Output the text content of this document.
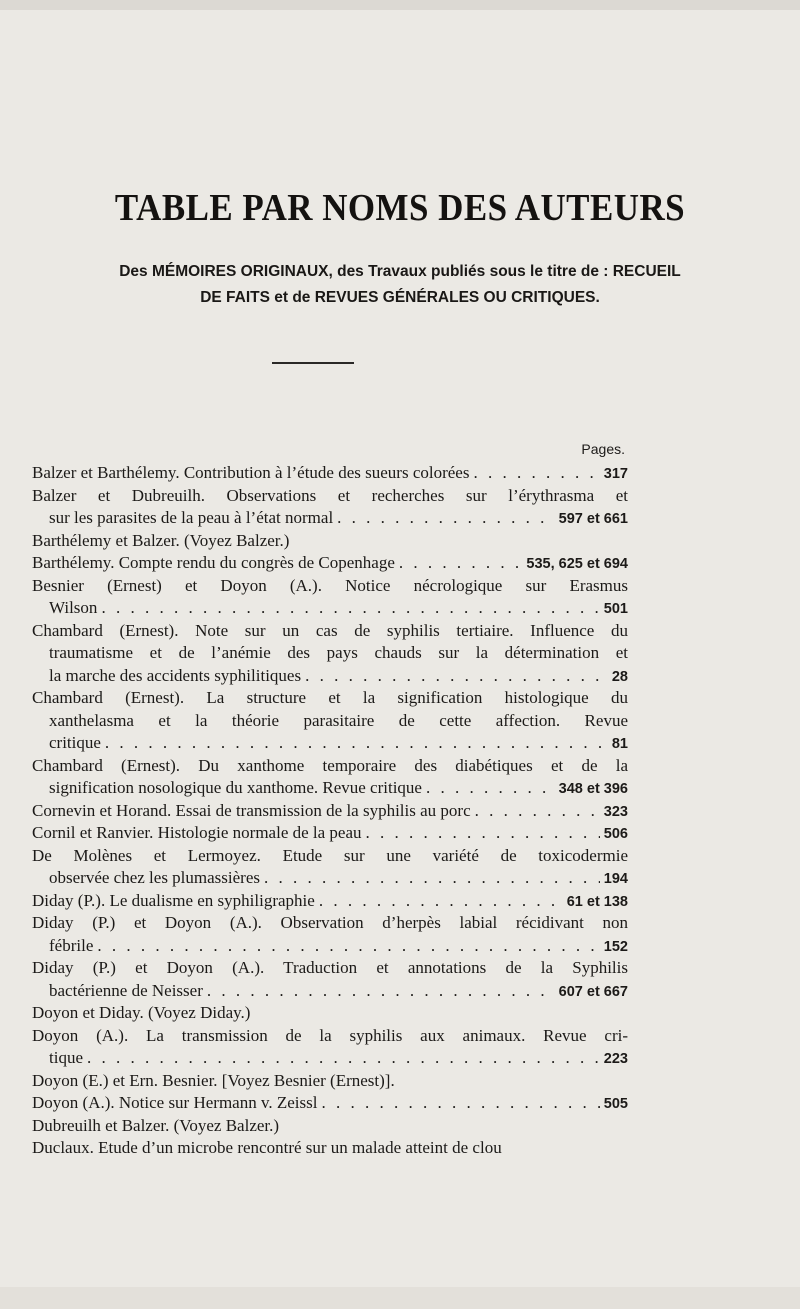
TABLE PAR NOMS DES AUTEURS
Des MÉMOIRES ORIGINAUX, des Travaux publiés sous le titre de : RECUEIL
DE FAITS et de REVUES GÉNÉRALES OU CRITIQUES.
Pages.
Balzer et Barthélemy. Contribution à l’étude des sueurs colorées . . .	317
Balzer et Dubreuilh. Observations et recherches sur l’érythrasma et
sur les parasites de la peau à l’état normal . . .	597 et 661
Barthélemy et Balzer. (Voyez Balzer.)
Barthélemy. Compte rendu du congrès de Copenhage . . .	535, 625 et 694
Besnier (Ernest) et Doyon (A.). Notice nécrologique sur Erasmus
Wilson . . .	501
Chambard (Ernest). Note sur un cas de syphilis tertiaire. Influence du
traumatisme et de l’anémie des pays chauds sur la détermination et
la marche des accidents syphilitiques . . .	28
Chambard (Ernest). La structure et la signification histologique du
xanthelasma et la théorie parasitaire de cette affection. Revue
critique . . .	81
Chambard (Ernest). Du xanthome temporaire des diabétiques et de la
signification nosologique du xanthome. Revue critique . . .	348 et 396
Cornevin et Horand. Essai de transmission de la syphilis au porc . . .	323
Cornil et Ranvier. Histologie normale de la peau . . .	506
De Molènes et Lermoyez. Etude sur une variété de toxicodermie
observée chez les plumassières . . .	194
Diday (P.). Le dualisme en syphiligraphie . . .	61 et 138
Diday (P.) et Doyon (A.). Observation d’herpès labial récidivant non
fébrile . . .	152
Diday (P.) et Doyon (A.). Traduction et annotations de la Syphilis
bactérienne de Neisser . . .	607 et 667
Doyon et Diday. (Voyez Diday.)
Doyon (A.). La transmission de la syphilis aux animaux. Revue cri-
tique . . .	223
Doyon (E.) et Ern. Besnier. [Voyez Besnier (Ernest)].
Doyon (A.). Notice sur Hermann v. Zeissl . . .	505
Dubreuilh et Balzer. (Voyez Balzer.)
Duclaux. Etude d’un microbe rencontré sur un malade atteint de clou
